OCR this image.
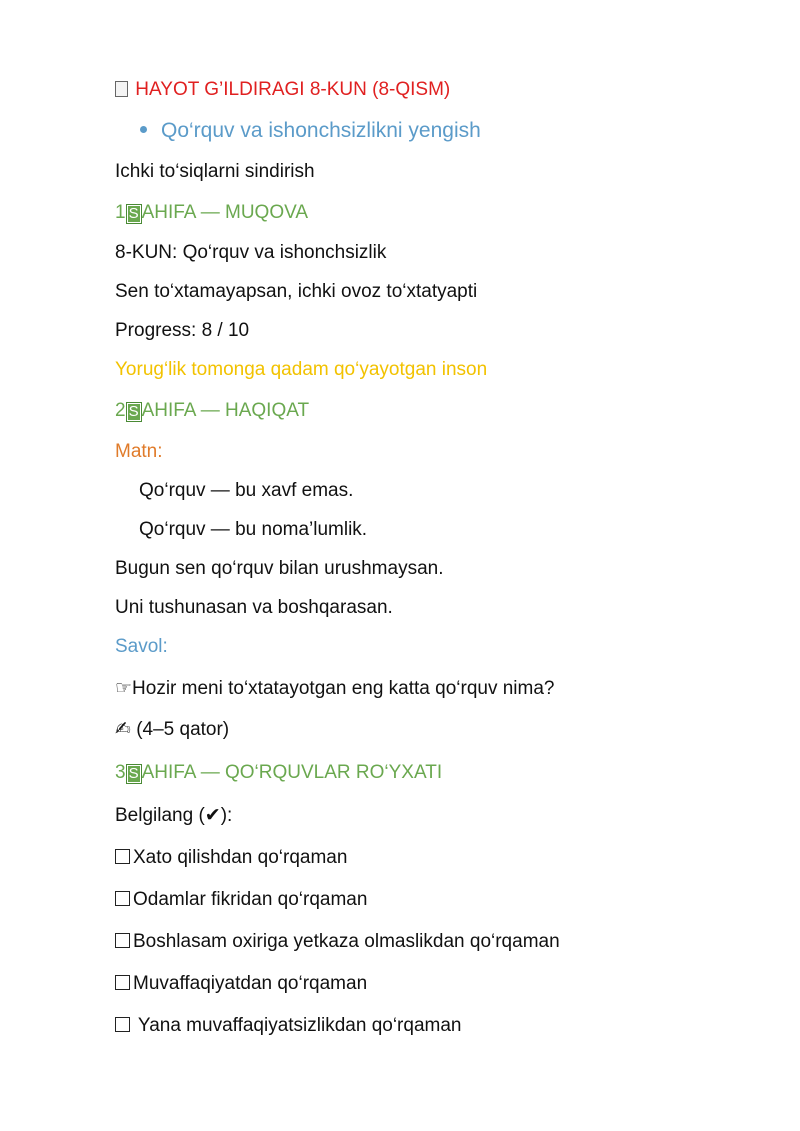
HAYOT G’ILDIRAGI 8-KUN (8-QISM)
Qo‘rquv va ishonchsizlikni yengish
Ichki to‘siqlarni sindirish
1 S AHIFA — MUQOVA
8-KUN: Qo‘rquv va ishonchsizlik
Sen to‘xtamayapsan, ichki ovoz to‘xtatyapti
Progress: 8 / 10
Yorug‘lik tomonga qadam qo‘yayotgan inson
2 S AHIFA — HAQIQAT
Matn:
Qo‘rquv — bu xavf emas.
Qo‘rquv — bu noma’lumlik.
Bugun sen qo‘rquv bilan urushmaysan.
Uni tushunasan va boshqarasan.
Savol:
☞Hozir meni to‘xtatayotgan eng katta qo‘rquv nima?
✍ (4–5 qator)
3 S AHIFA — QO‘RQUVLAR RO‘YXATI
Belgilang (✔):
Xato qilishdan qo‘rqaman
Odamlar fikridan qo‘rqaman
Boshlasam oxiriga yetkaza olmaslikdan qo‘rqaman
Muvaffaqiyatdan qo‘rqaman
Yana muvaffaqiyatsizlikdan qo‘rqaman
